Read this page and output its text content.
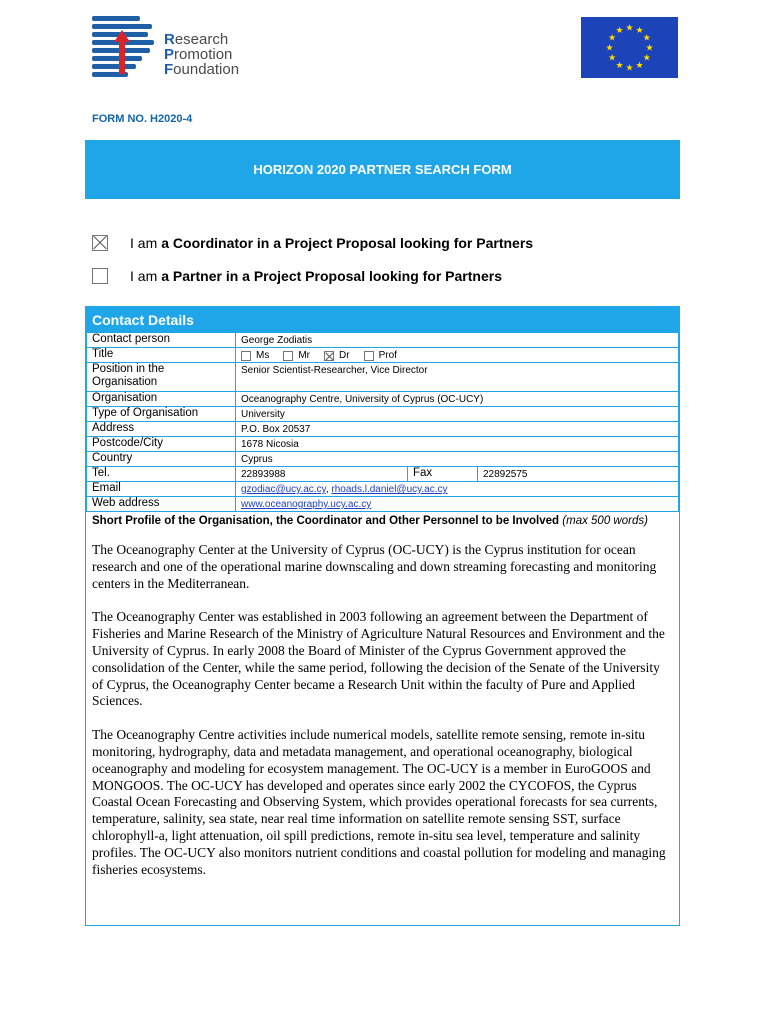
Research
Promotion
Foundation
★ ★
★
★
★
★
★
★
★
★
★
★
FORM NO. H2020-4
HORIZON 2020 PARTNER SEARCH FORM
I am a Coordinator in a Project Proposal looking for Partners
I am a Partner in a Project Proposal looking for Partners
Contact Details
Contact person	George Zodiatis		
Title	Ms Mr Dr Prof		

Position in the Organisation	Senior Scientist-Researcher, Vice Director		
Organisation	Oceanography Centre, University of Cyprus (OC-UCY)		
Type of Organisation	University		
Address	P.O. Box 20537		
Postcode/City	1678 Nicosia		
Country	Cyprus		
Tel.	22893988	Fax	22892575
Email	gzodiac@ucy.ac.cy, rhoads.l.daniel@ucy.ac.cy		
Web address	www.oceanography.ucy.ac.cy		
Short Profile of the Organisation, the Coordinator and Other Personnel to be Involved (max 500 words)

The Oceanography Center at the University of Cyprus (OC-UCY) is the Cyprus institution for ocean research and one of the operational marine downscaling and down streaming forecasting and monitoring centers in the Mediterranean.

The Oceanography Center was established in 2003 following an agreement between the Department of Fisheries and Marine Research of the Ministry of Agriculture Natural Resources and Environment and the University of Cyprus. In early 2008 the Board of Minister of the Cyprus Government approved the consolidation of the Center, while the same period, following the decision of the Senate of the University of Cyprus, the Oceanography Center became a Research Unit within the faculty of Pure and Applied Sciences.

The Oceanography Centre activities include numerical models, satellite remote sensing, remote in-situ monitoring, hydrography, data and metadata management, and operational oceanography, biological oceanography and modeling for ecosystem management. The OC-UCY is a member in EuroGOOS and MONGOOS. The OC-UCY has developed and operates since early 2002 the CYCOFOS, the Cyprus Coastal Ocean Forecasting and Observing System, which provides operational forecasts for sea currents, temperature, salinity, sea state, near real time information on satellite remote sensing SST, surface chlorophyll-a, light attenuation, oil spill predictions, remote in-situ sea level, temperature and salinity profiles. The OC-UCY also monitors nutrient conditions and coastal pollution for modeling and managing fisheries ecosystems.
